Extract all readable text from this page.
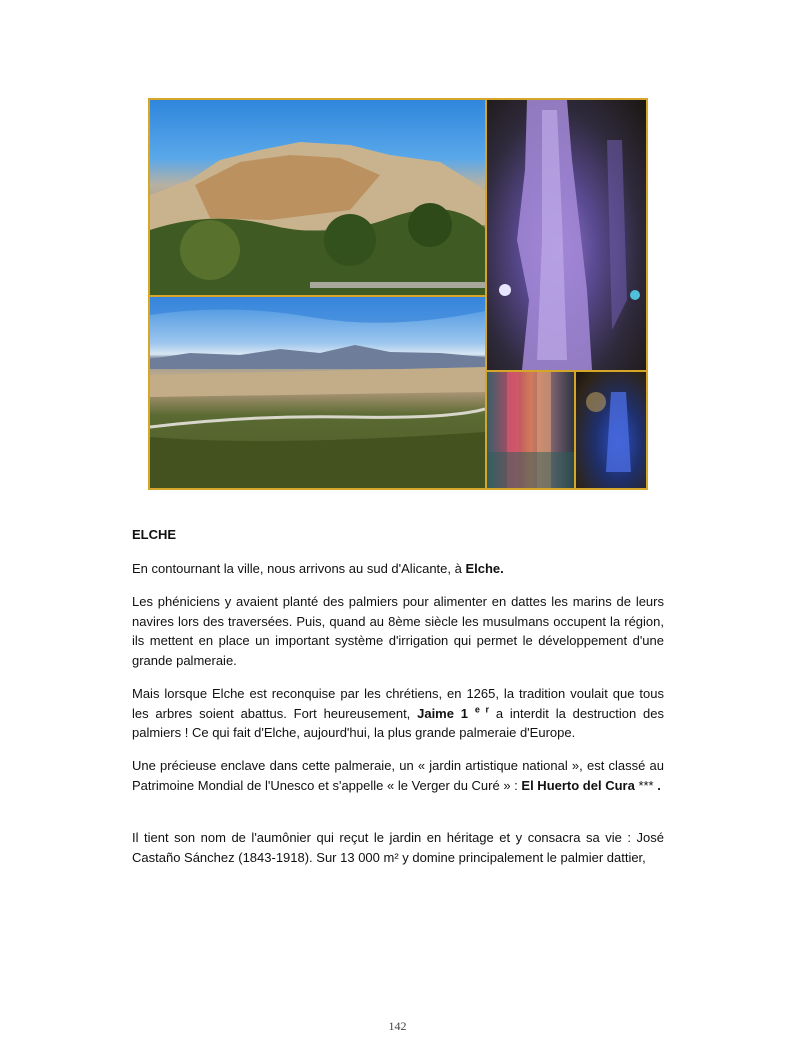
ELCHE

En contournant la ville, nous arrivons au sud d'Alicante, à Elche.

Les phéniciens y avaient planté des palmiers pour alimenter en dattes les marins de leurs navires lors des traversées. Puis, quand au 8ème siècle les musulmans occupent la région, ils mettent en place un important système d'irrigation qui permet le développement d'une grande palmeraie.

Mais lorsque Elche est reconquise par les chrétiens, en 1265, la tradition voulait que tous les arbres soient abattus. Fort heureusement, Jaime 1 $^{e r}$ a interdit la destruction des palmiers ! Ce qui fait d'Elche, aujourd'hui, la plus grande palmeraie d'Europe.

Une précieuse enclave dans cette palmeraie, un « jardin artistique national », est classé au Patrimoine Mondial de l'Unesco et s'appelle « le Verger du Curé » : El Huerto del Cura *** .

Il tient son nom de l'aumônier qui reçut le jardin en héritage et y consacra sa vie : José Castaño Sánchez (1843-1918). Sur 13 000 m² y domine principalement le palmier dattier,

142
